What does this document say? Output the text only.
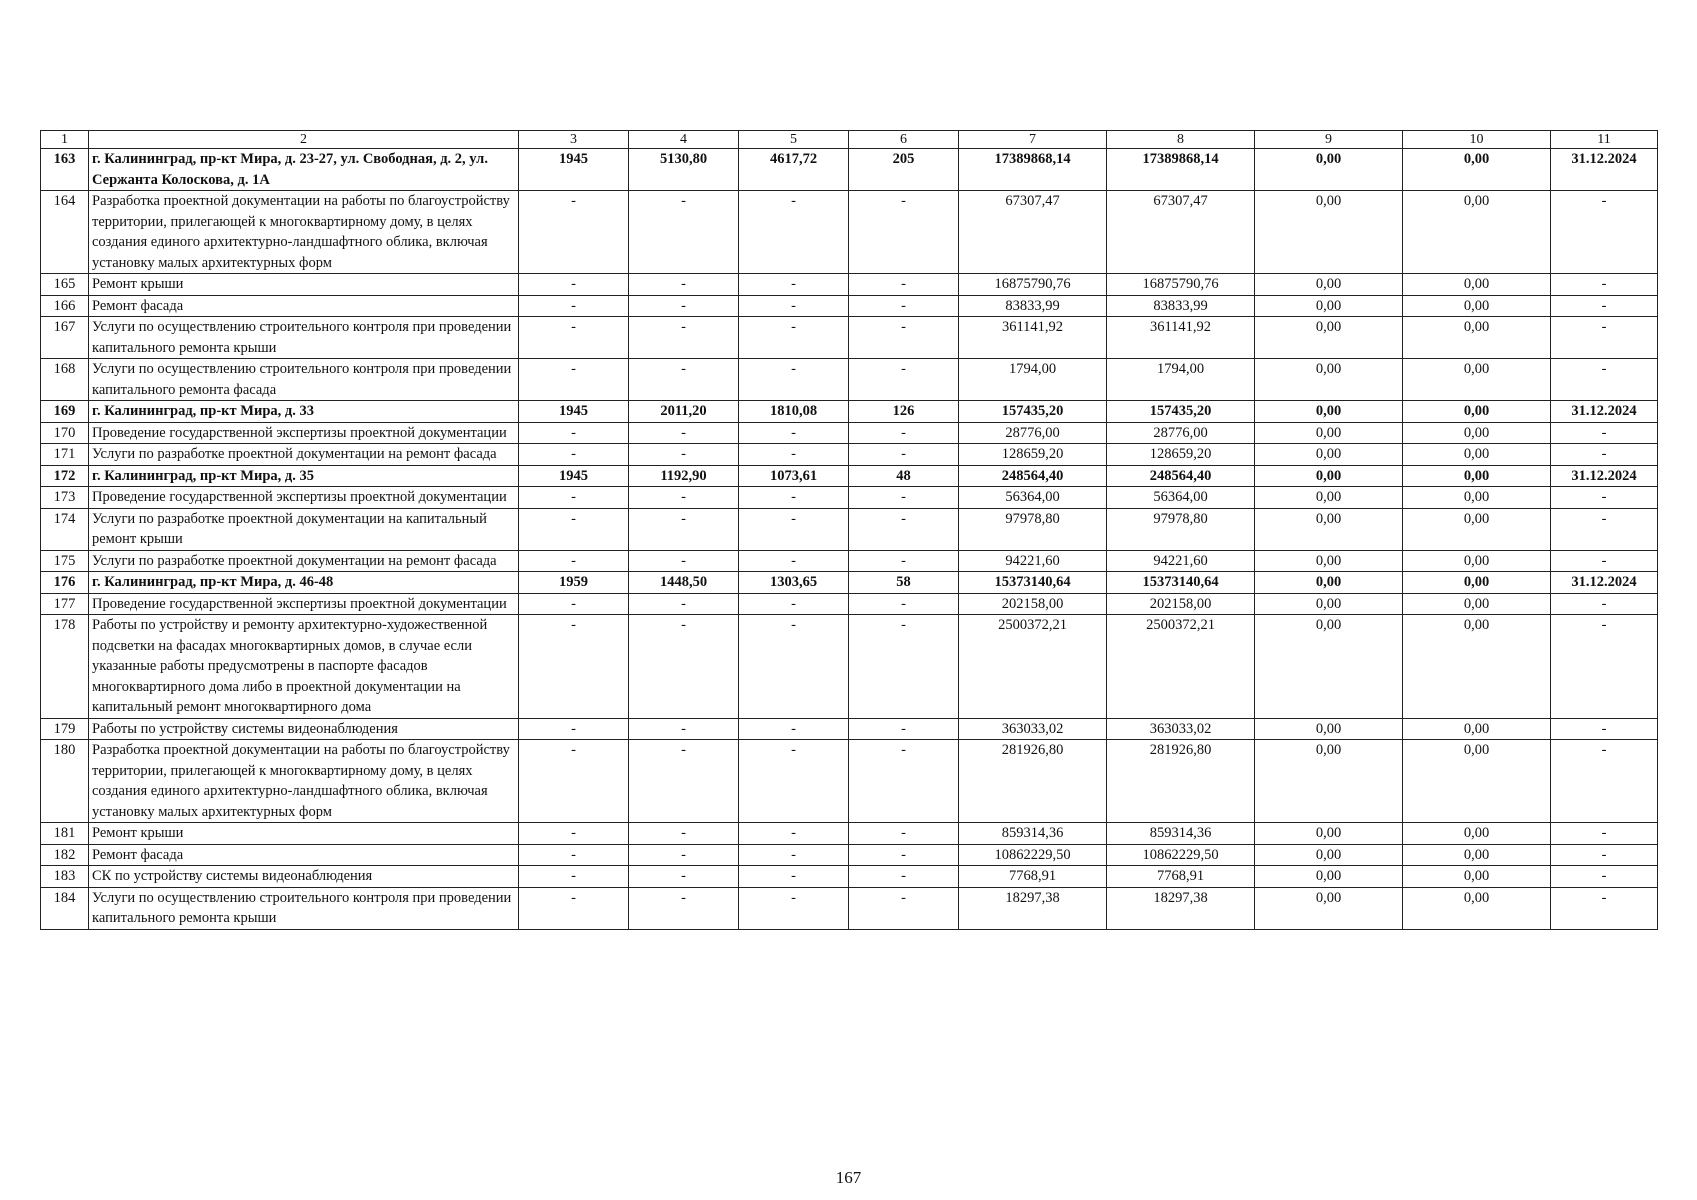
1	2	3	4	5	6	7	8	9	10	11
163	г. Калининград, пр-кт Мира, д. 23-27, ул. Свободная, д. 2, ул. Сержанта Колоскова, д. 1А	1945	5130,80	4617,72	205	17389868,14	17389868,14	0,00	0,00	31.12.2024
164	Разработка проектной документации на работы по благоустройству территории, прилегающей к многоквартирному дому, в целях создания единого архитектурно-ландшафтного облика, включая установку малых архитектурных форм	-	-	-	-	67307,47	67307,47	0,00	0,00	-
165	Ремонт крыши	-	-	-	-	16875790,76	16875790,76	0,00	0,00	-
166	Ремонт фасада	-	-	-	-	83833,99	83833,99	0,00	0,00	-
167	Услуги по осуществлению строительного контроля при проведении капитального ремонта крыши	-	-	-	-	361141,92	361141,92	0,00	0,00	-
168	Услуги по осуществлению строительного контроля при проведении капитального ремонта фасада	-	-	-	-	1794,00	1794,00	0,00	0,00	-
169	г. Калининград, пр-кт Мира, д. 33	1945	2011,20	1810,08	126	157435,20	157435,20	0,00	0,00	31.12.2024
170	Проведение государственной экспертизы проектной документации	-	-	-	-	28776,00	28776,00	0,00	0,00	-
171	Услуги по разработке проектной документации на ремонт фасада	-	-	-	-	128659,20	128659,20	0,00	0,00	-
172	г. Калининград, пр-кт Мира, д. 35	1945	1192,90	1073,61	48	248564,40	248564,40	0,00	0,00	31.12.2024
173	Проведение государственной экспертизы проектной документации	-	-	-	-	56364,00	56364,00	0,00	0,00	-
174	Услуги по разработке проектной документации на капитальный ремонт крыши	-	-	-	-	97978,80	97978,80	0,00	0,00	-
175	Услуги по разработке проектной документации на ремонт фасада	-	-	-	-	94221,60	94221,60	0,00	0,00	-
176	г. Калининград, пр-кт Мира, д. 46-48	1959	1448,50	1303,65	58	15373140,64	15373140,64	0,00	0,00	31.12.2024
177	Проведение государственной экспертизы проектной документации	-	-	-	-	202158,00	202158,00	0,00	0,00	-
178	Работы по устройству и ремонту архитектурно-художественной подсветки на фасадах многоквартирных домов, в случае если указанные работы предусмотрены в паспорте фасадов многоквартирного дома либо в проектной документации на капитальный ремонт многоквартирного дома	-	-	-	-	2500372,21	2500372,21	0,00	0,00	-
179	Работы по устройству системы видеонаблюдения	-	-	-	-	363033,02	363033,02	0,00	0,00	-
180	Разработка проектной документации на работы по благоустройству территории, прилегающей к многоквартирному дому, в целях создания единого архитектурно-ландшафтного облика, включая установку малых архитектурных форм	-	-	-	-	281926,80	281926,80	0,00	0,00	-
181	Ремонт крыши	-	-	-	-	859314,36	859314,36	0,00	0,00	-
182	Ремонт фасада	-	-	-	-	10862229,50	10862229,50	0,00	0,00	-
183	СК по устройству системы видеонаблюдения	-	-	-	-	7768,91	7768,91	0,00	0,00	-
184	Услуги по осуществлению строительного контроля при проведении капитального ремонта крыши	-	-	-	-	18297,38	18297,38	0,00	0,00	-
167
